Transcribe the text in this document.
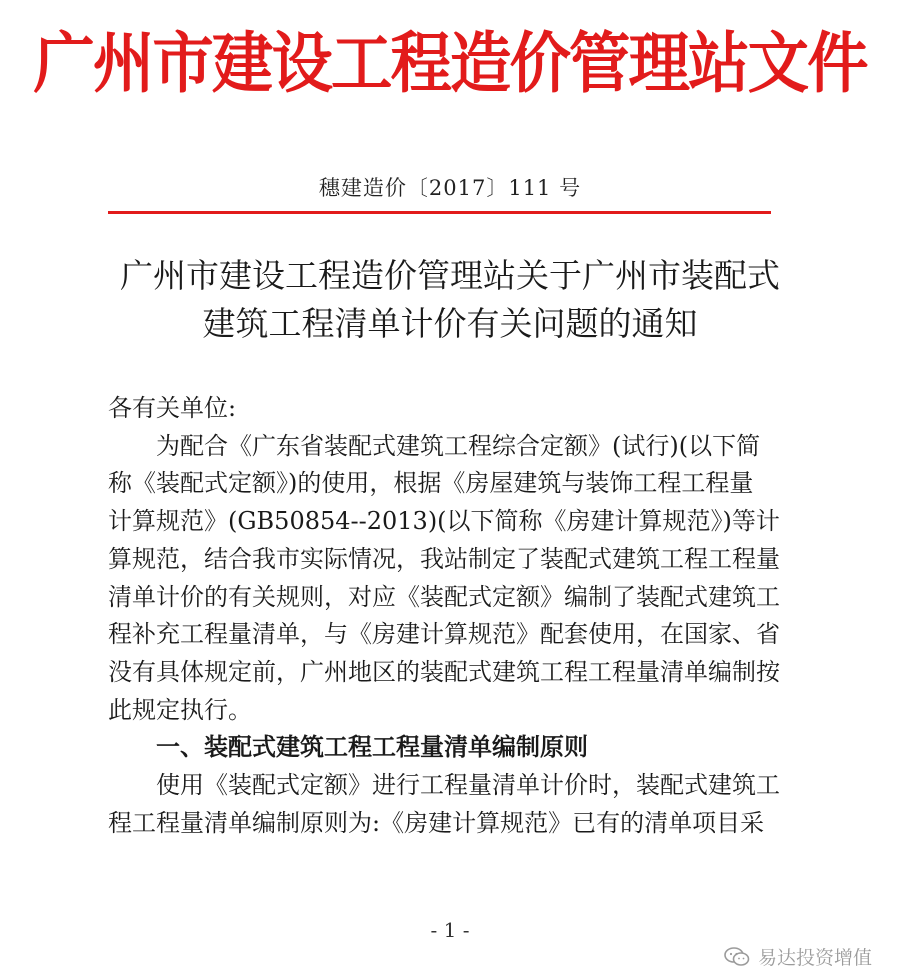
广州市建设工程造价管理站文件
穗建造价〔2017〕111 号
广州市建设工程造价管理站关于广州市装配式
建筑工程清单计价有关问题的通知
各有关单位:
为配合《广东省装配式建筑工程综合定额》(试行)(以下简
称《装配式定额》)的使用，根据《房屋建筑与装饰工程工程量
计算规范》(GB50854--2013)(以下简称《房建计算规范》)等计
算规范，结合我市实际情况，我站制定了装配式建筑工程工程量
清单计价的有关规则，对应《装配式定额》编制了装配式建筑工
程补充工程量清单，与《房建计算规范》配套使用，在国家、省
没有具体规定前，广州地区的装配式建筑工程工程量清单编制按
此规定执行。
一、装配式建筑工程工程量清单编制原则
使用《装配式定额》进行工程量清单计价时，装配式建筑工
程工程量清单编制原则为:《房建计算规范》已有的清单项目采
- 1 -
易达投资增值
